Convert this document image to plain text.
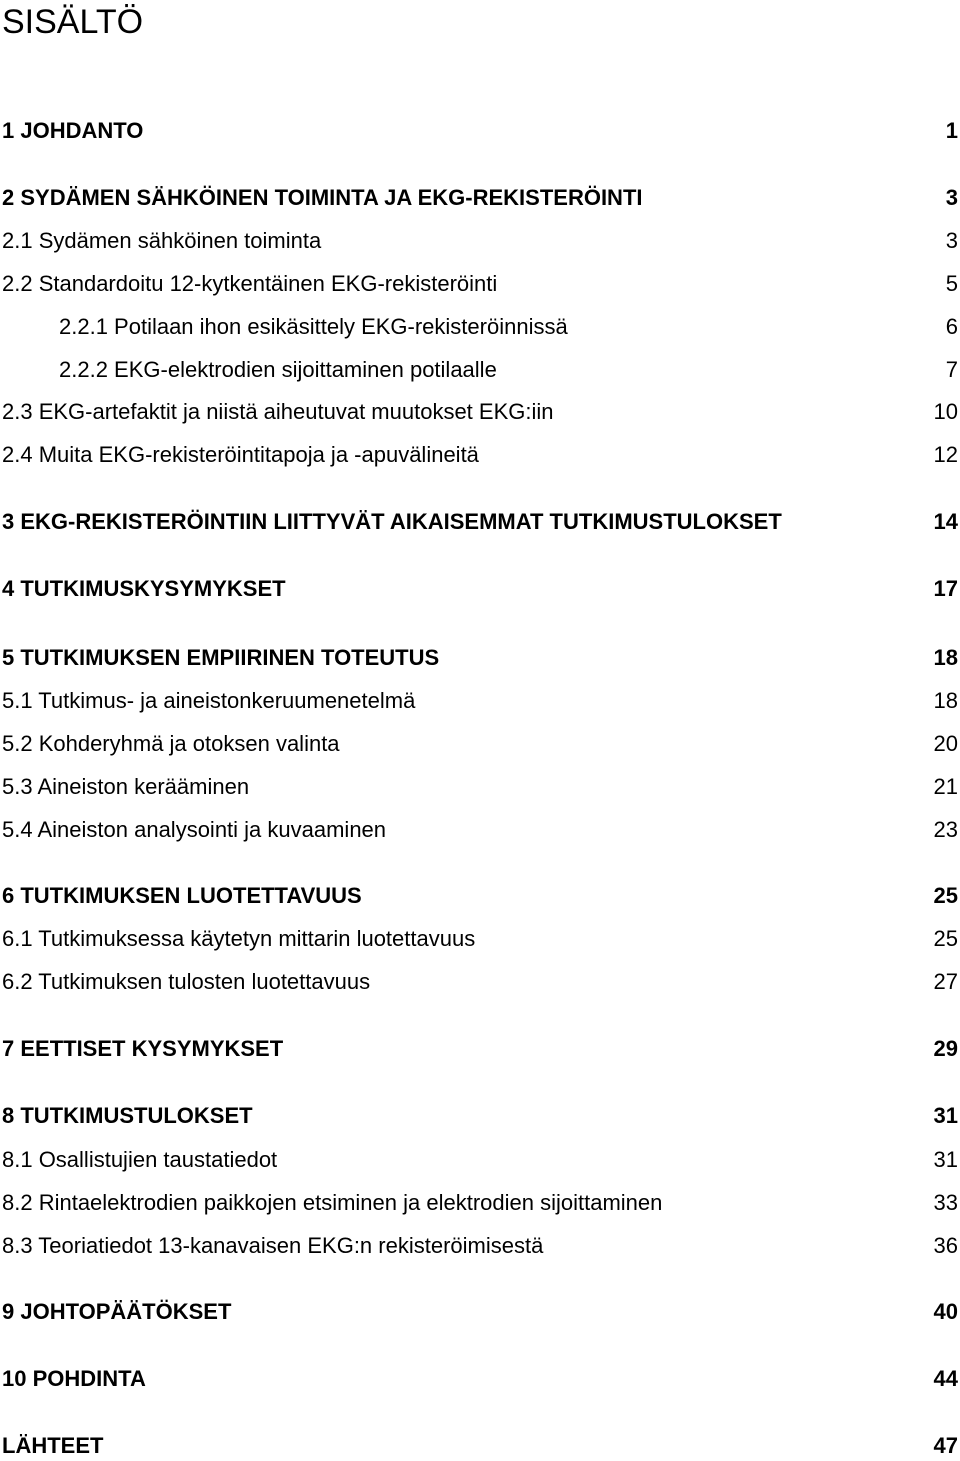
SISÄLTÖ
1 JOHDANTO	1
2 SYDÄMEN SÄHKÖINEN TOIMINTA JA EKG-REKISTERÖINTI	3
2.1 Sydämen sähköinen toiminta	3
2.2 Standardoitu 12-kytkentäinen EKG-rekisteröinti	5
2.2.1 Potilaan ihon esikäsittely EKG-rekisteröinnissä	6
2.2.2 EKG-elektrodien sijoittaminen potilaalle	7
2.3 EKG-artefaktit ja niistä aiheutuvat muutokset EKG:iin	10
2.4 Muita EKG-rekisteröintitapoja ja -apuvälineitä	12
3 EKG-REKISTERÖINTIIN LIITTYVÄT AIKAISEMMAT TUTKIMUSTULOKSET	14
4 TUTKIMUSKYSYMYKSET	17
5 TUTKIMUKSEN EMPIIRINEN TOTEUTUS	18
5.1 Tutkimus- ja aineistonkeruumenetelmä	18
5.2 Kohderyhmä ja otoksen valinta	20
5.3 Aineiston kerääminen	21
5.4 Aineiston analysointi ja kuvaaminen	23
6 TUTKIMUKSEN LUOTETTAVUUS	25
6.1 Tutkimuksessa käytetyn mittarin luotettavuus	25
6.2 Tutkimuksen tulosten luotettavuus	27
7 EETTISET KYSYMYKSET	29
8 TUTKIMUSTULOKSET	31
8.1 Osallistujien taustatiedot	31
8.2 Rintaelektrodien paikkojen etsiminen ja elektrodien sijoittaminen	33
8.3 Teoriatiedot 13-kanavaisen EKG:n rekisteröimisestä	36
9 JOHTOPÄÄTÖKSET	40
10 POHDINTA	44
LÄHTEET	47
